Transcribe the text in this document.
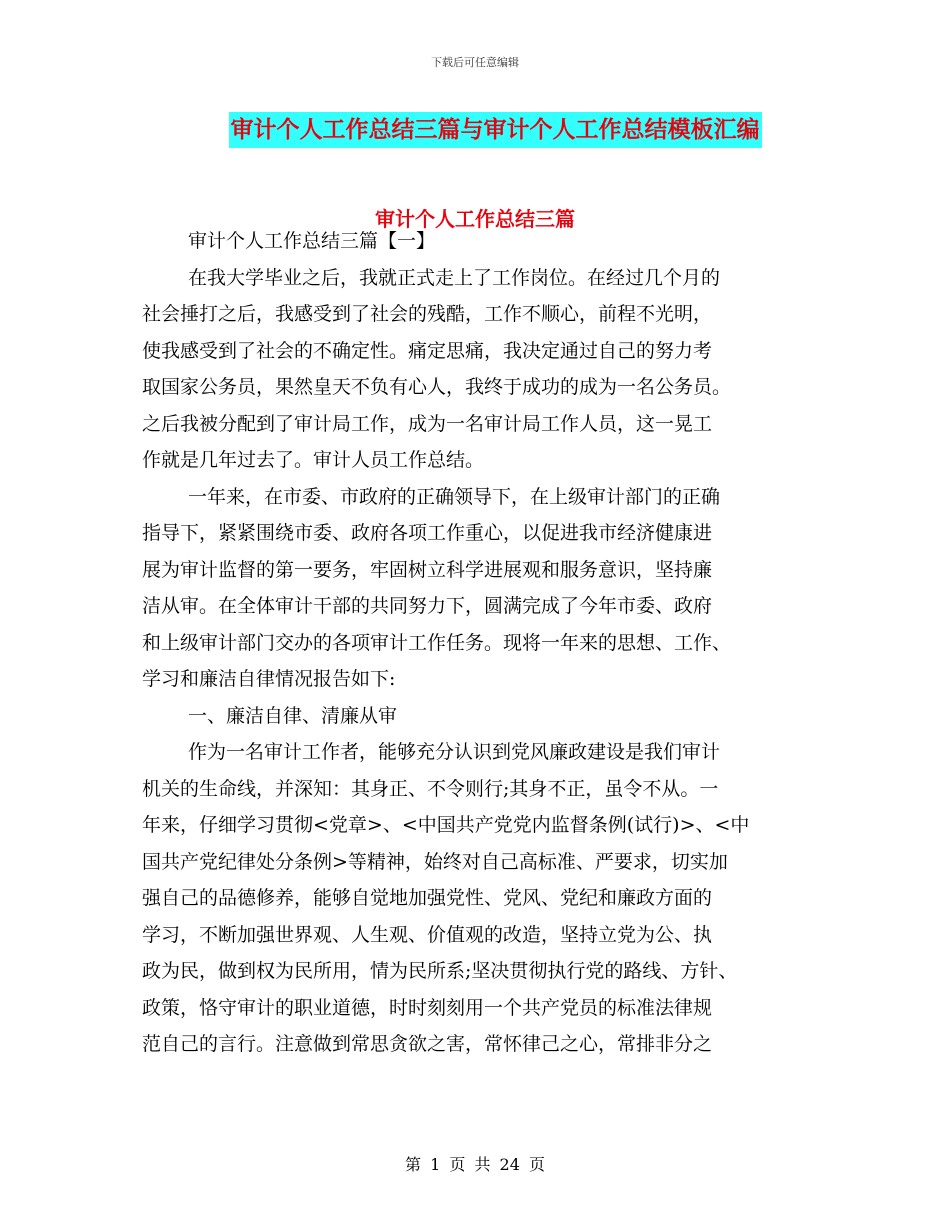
下载后可任意编辑
审计个人工作总结三篇与审计个人工作总结模板汇编
审计个人工作总结三篇
审计个人工作总结三篇【一】
在我大学毕业之后，我就正式走上了工作岗位。在经过几个月的
社会捶打之后，我感受到了社会的残酷，工作不顺心，前程不光明，
使我感受到了社会的不确定性。痛定思痛，我决定通过自己的努力考
取国家公务员，果然皇天不负有心人，我终于成功的成为一名公务员。
之后我被分配到了审计局工作，成为一名审计局工作人员，这一晃工
作就是几年过去了。审计人员工作总结。
一年来，在市委、市政府的正确领导下，在上级审计部门的正确
指导下，紧紧围绕市委、政府各项工作重心，以促进我市经济健康进
展为审计监督的第一要务，牢固树立科学进展观和服务意识，坚持廉
洁从审。在全体审计干部的共同努力下，圆满完成了今年市委、政府
和上级审计部门交办的各项审计工作任务。现将一年来的思想、工作、
学习和廉洁自律情况报告如下:
一、廉洁自律、清廉从审
作为一名审计工作者，能够充分认识到党风廉政建设是我们审计
机关的生命线，并深知：其身正、不令则行;其身不正，虽令不从。一
年来，仔细学习贯彻<党章>、<中国共产党党内监督条例(试行)>、<中
国共产党纪律处分条例>等精神，始终对自己高标准、严要求，切实加
强自己的品德修养，能够自觉地加强党性、党风、党纪和廉政方面的
学习，不断加强世界观、人生观、价值观的改造，坚持立党为公、执
政为民，做到权为民所用，情为民所系;坚决贯彻执行党的路线、方针、
政策，恪守审计的职业道德，时时刻刻用一个共产党员的标准法律规
范自己的言行。注意做到常思贪欲之害，常怀律己之心，常排非分之
第 1 页 共 24 页
